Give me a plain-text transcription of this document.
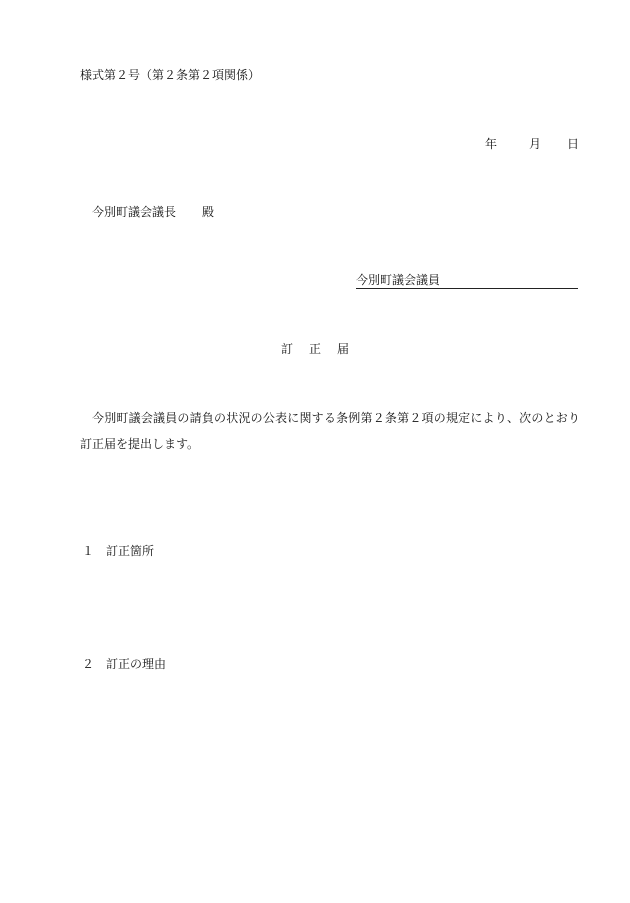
様式第２号（第２条第２項関係）
年	月	日
今別町議会議長 殿
今別町議会議員
訂正届
今別町議会議員の請負の状況の公表に関する条例第２条第２項の規定により、次のとおり訂正届を提出します。
１ 訂正箇所
２ 訂正の理由
